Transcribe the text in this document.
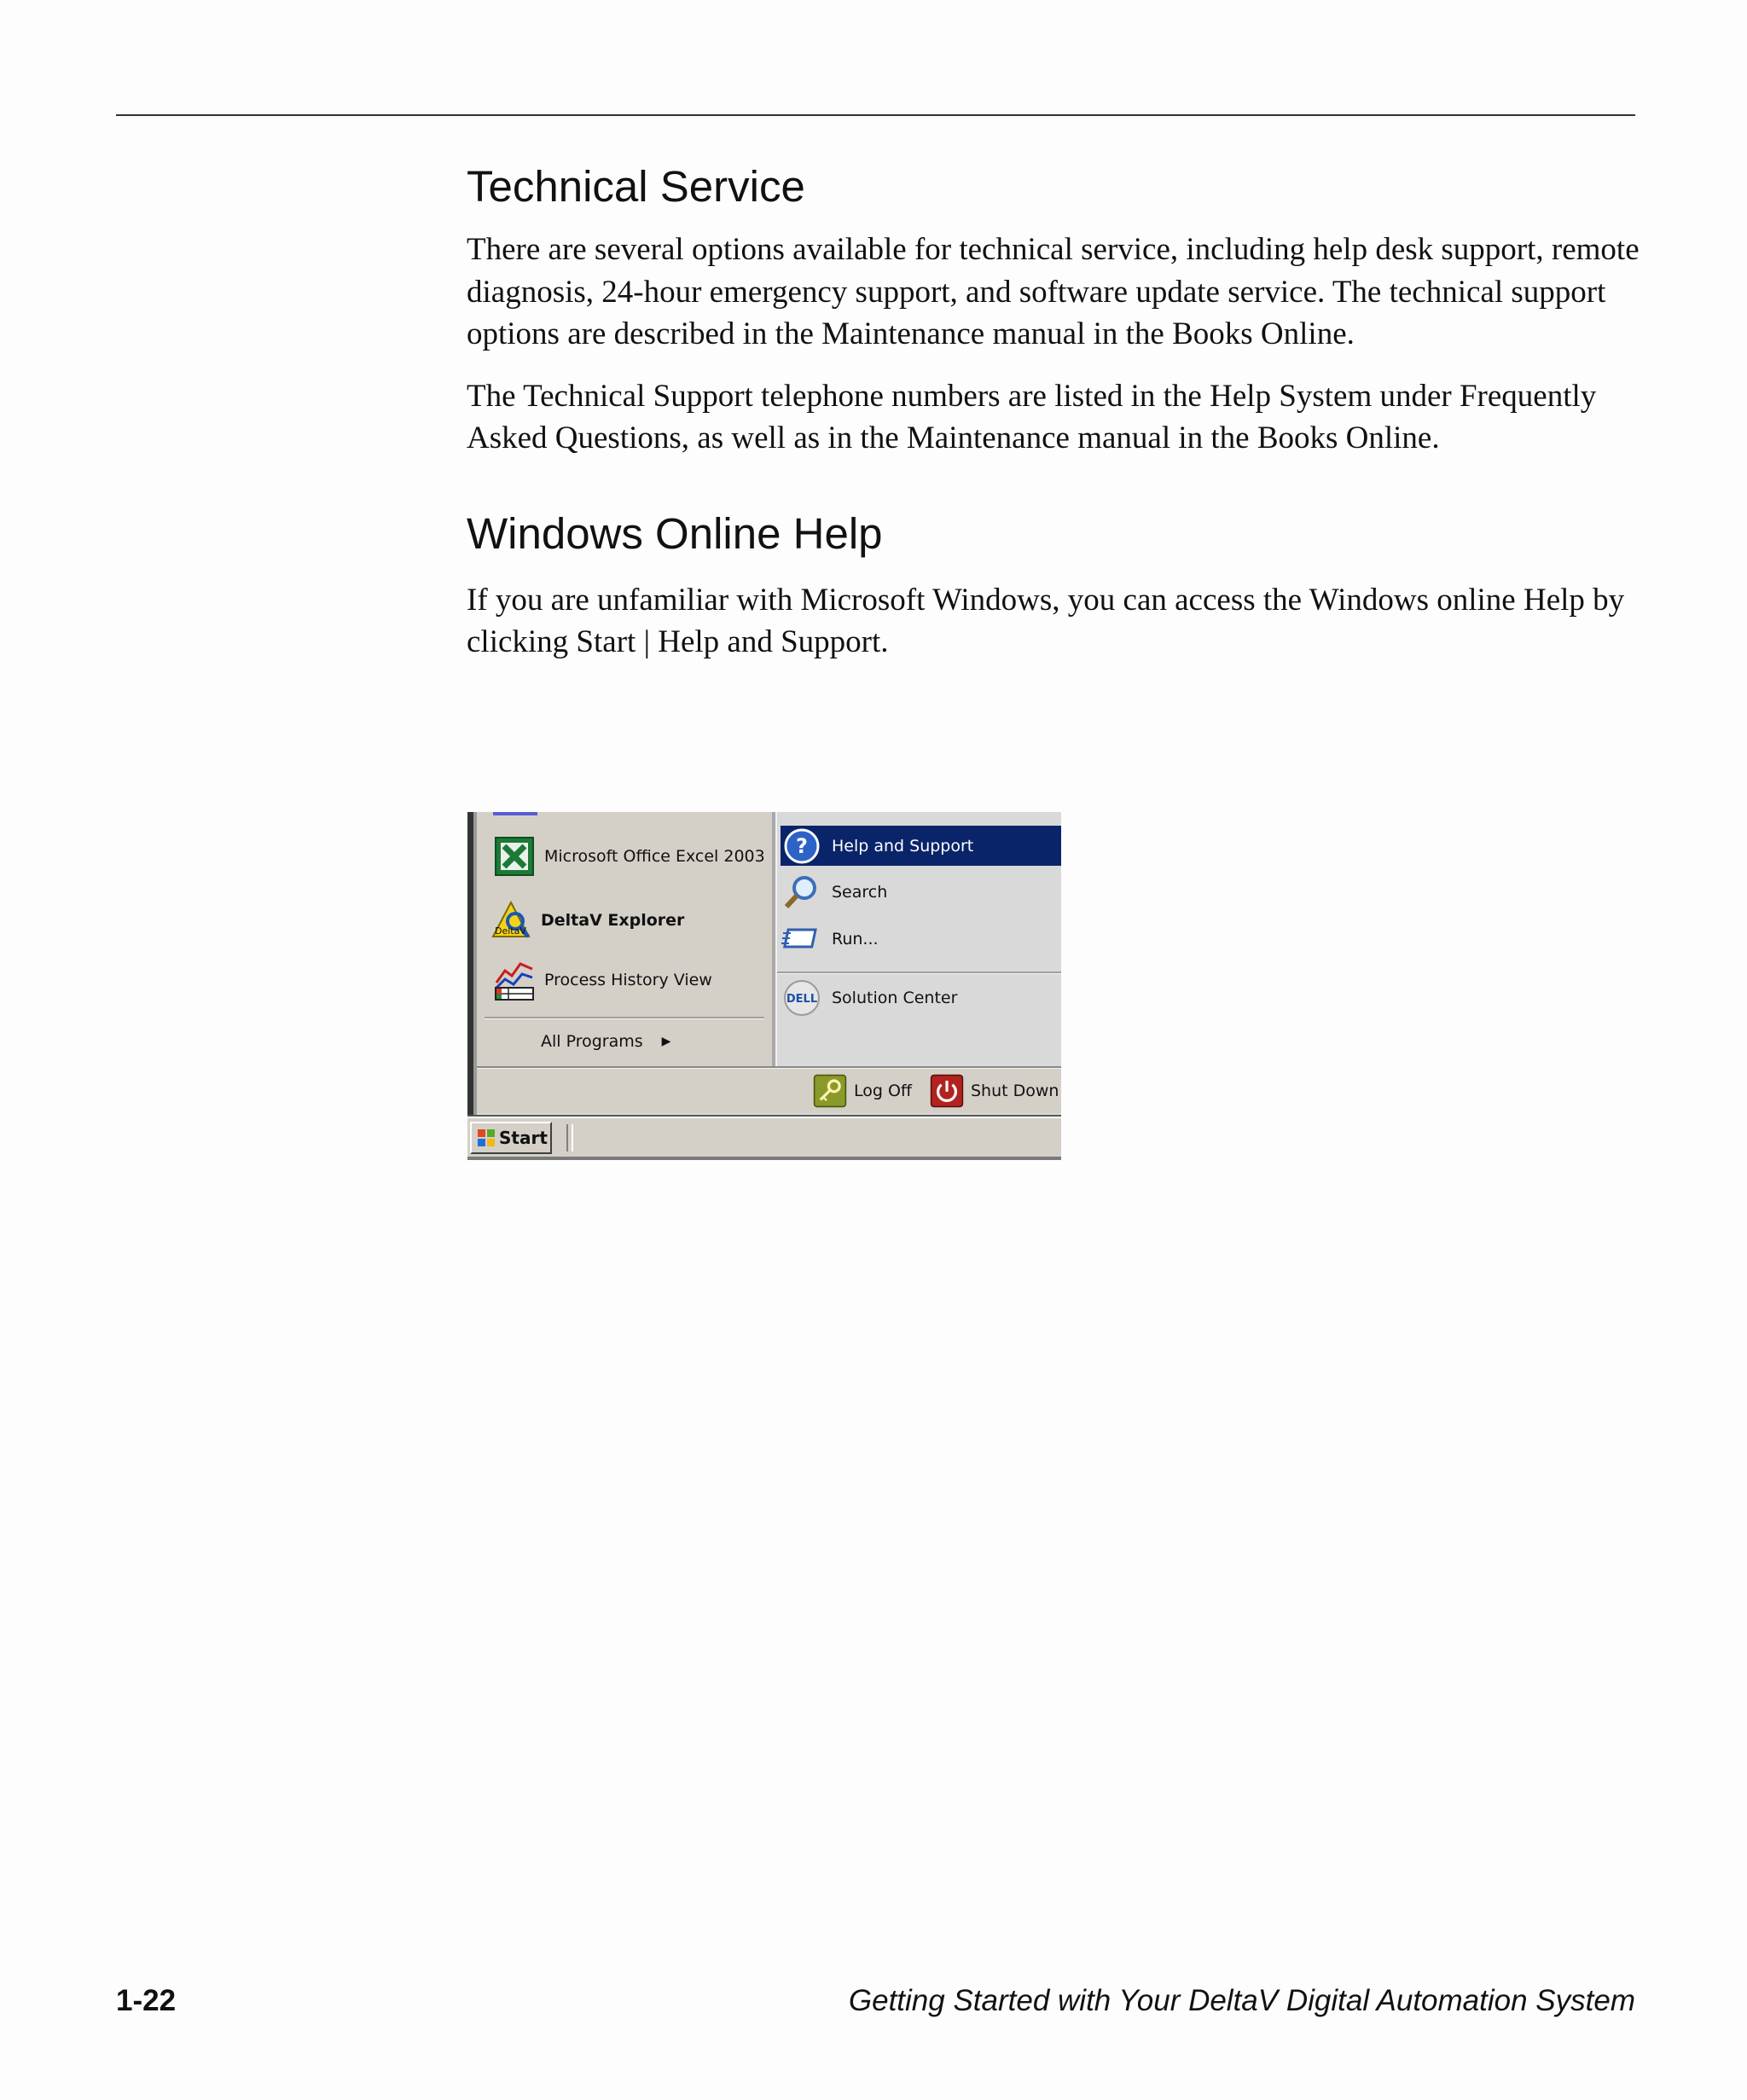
Technical Service

There are several options available for technical service, including help desk support, remote diagnosis, 24-hour emergency support, and software update service. The technical support options are described in the Maintenance manual in the Books Online.

The Technical Support telephone numbers are listed in the Help System under Frequently Asked Questions, as well as in the Maintenance manual in the Books Online.

Windows Online Help

If you are unfamiliar with Microsoft Windows, you can access the Windows online Help by clicking Start | Help and Support.

Microsoft Office Excel 2003
DeltaV
DeltaV Explorer
Process History View
All Programs ▶
? Help and Support
Search
Run...
DELL Solution Center
Log Off	Shut Down
Start
1-22	Getting Started with Your DeltaV Digital Automation System
